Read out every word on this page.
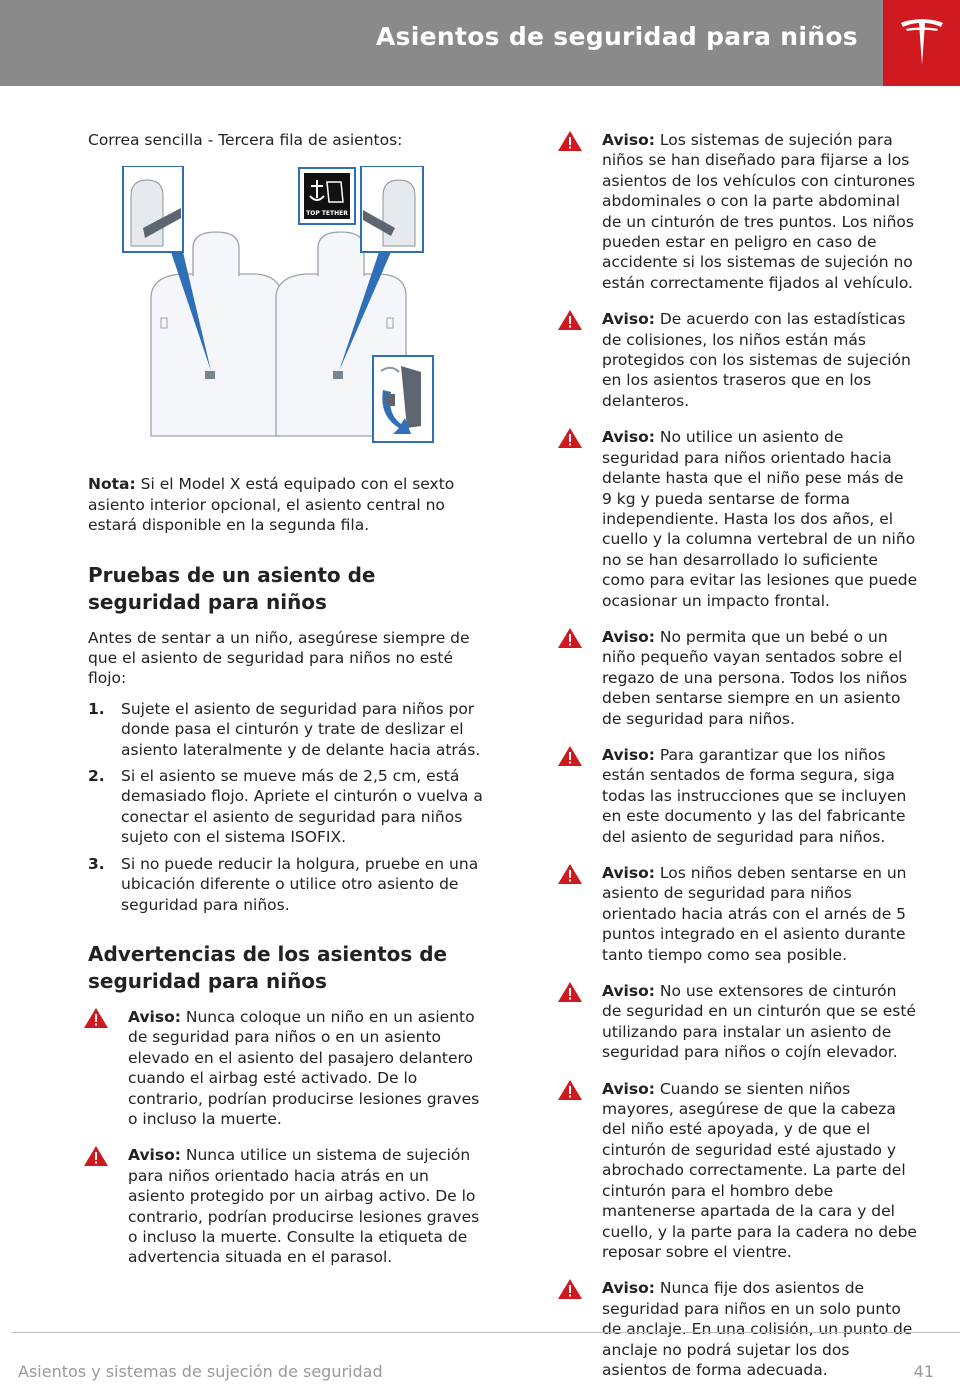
Asientos de seguridad para niños

Correa sencilla - Tercera fila de asientos:

TOP TETHER

Nota: Si el Model X está equipado con el sexto asiento interior opcional, el asiento central no estará disponible en la segunda fila.

Pruebas de un asiento de seguridad para niños

Antes de sentar a un niño, asegúrese siempre de que el asiento de seguridad para niños no esté flojo:

1. Sujete el asiento de seguridad para niños por donde pasa el cinturón y trate de deslizar el asiento lateralmente y de delante hacia atrás.
2. Si el asiento se mueve más de 2,5 cm, está demasiado flojo. Apriete el cinturón o vuelva a conectar el asiento de seguridad para niños sujeto con el sistema ISOFIX.
3. Si no puede reducir la holgura, pruebe en una ubicación diferente o utilice otro asiento de seguridad para niños.
Advertencias de los asientos de seguridad para niños
Aviso: Nunca coloque un niño en un asiento de seguridad para niños o en un asiento elevado en el asiento del pasajero delantero cuando el airbag esté activado. De lo contrario, podrían producirse lesiones graves o incluso la muerte.
Aviso: Nunca utilice un sistema de sujeción para niños orientado hacia atrás en un asiento protegido por un airbag activo. De lo contrario, podrían producirse lesiones graves o incluso la muerte. Consulte la etiqueta de advertencia situada en el parasol.
Aviso: Los sistemas de sujeción para niños se han diseñado para fijarse a los asientos de los vehículos con cinturones abdominales o con la parte abdominal de un cinturón de tres puntos. Los niños pueden estar en peligro en caso de accidente si los sistemas de sujeción no están correctamente fijados al vehículo.
Aviso: De acuerdo con las estadísticas de colisiones, los niños están más protegidos con los sistemas de sujeción en los asientos traseros que en los delanteros.
Aviso: No utilice un asiento de seguridad para niños orientado hacia delante hasta que el niño pese más de 9 kg y pueda sentarse de forma independiente. Hasta los dos años, el cuello y la columna vertebral de un niño no se han desarrollado lo suficiente como para evitar las lesiones que puede ocasionar un impacto frontal.
Aviso: No permita que un bebé o un niño pequeño vayan sentados sobre el regazo de una persona. Todos los niños deben sentarse siempre en un asiento de seguridad para niños.
Aviso: Para garantizar que los niños están sentados de forma segura, siga todas las instrucciones que se incluyen en este documento y las del fabricante del asiento de seguridad para niños.
Aviso: Los niños deben sentarse en un asiento de seguridad para niños orientado hacia atrás con el arnés de 5 puntos integrado en el asiento durante tanto tiempo como sea posible.
Aviso: No use extensores de cinturón de seguridad en un cinturón que se esté utilizando para instalar un asiento de seguridad para niños o cojín elevador.
Aviso: Cuando se sienten niños mayores, asegúrese de que la cabeza del niño esté apoyada, y de que el cinturón de seguridad esté ajustado y abrochado correctamente. La parte del cinturón para el hombro debe mantenerse apartada de la cara y del cuello, y la parte para la cadera no debe reposar sobre el vientre.
Aviso: Nunca fije dos asientos de seguridad para niños en un solo punto de anclaje. En una colisión, un punto de anclaje no podrá sujetar los dos asientos de forma adecuada.
Asientos y sistemas de sujeción de seguridad	41
